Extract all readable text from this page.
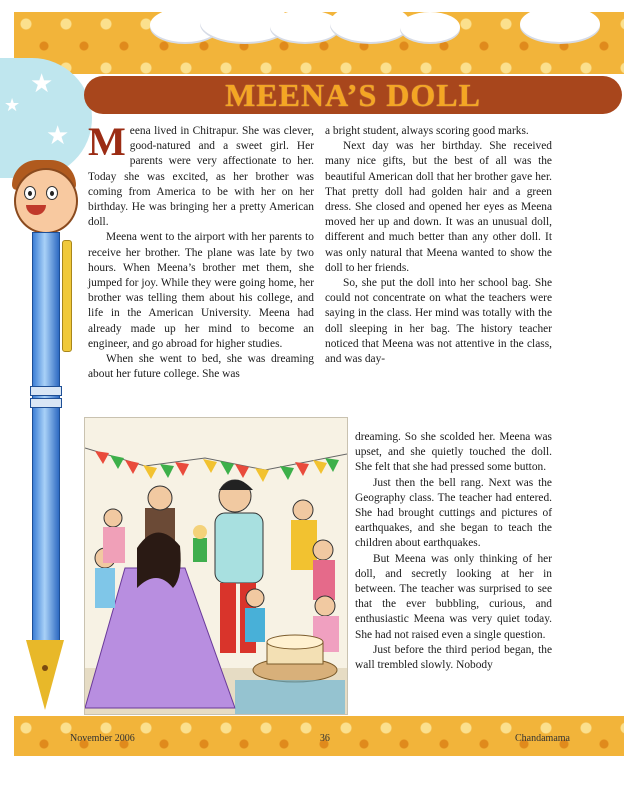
★
★
★	MEENA’S DOLL

Meena lived in Chitrapur. She was clever, good-natured and a sweet girl. Her parents were very affectionate to her. Today she was excited, as her brother was coming from America to be with her on her birthday. He was bringing her a pretty American doll.

Meena went to the airport with her parents to receive her brother. The plane was late by two hours. When Meena’s brother met them, she jumped for joy. While they were going home, her brother was telling them about his college, and life in the American University. Meena had already made up her mind to become an engineer, and go abroad for higher studies.

When she went to bed, she was dreaming about her future college. She was

a bright student, always scoring good marks.

Next day was her birthday. She received many nice gifts, but the best of all was the beautiful American doll that her brother gave her. That pretty doll had golden hair and a green dress. She closed and opened her eyes as Meena moved her up and down. It was an unusual doll, different and much better than any other doll. It was only natural that Meena wanted to show the doll to her friends.

So, she put the doll into her school bag. She could not concentrate on what the teachers were saying in the class. Her mind was totally with the doll sleeping in her bag. The history teacher noticed that Meena was not attentive in the class, and was day-

dreaming. So she scolded her. Meena was upset, and she quietly touched the doll. She felt that she had pressed some button.

Just then the bell rang. Next was the Geography class. The teacher had entered. She had brought cuttings and pictures of earthquakes, and she began to teach the children about earthquakes.

But Meena was only thinking of her doll, and secretly looking at her in between. The teacher was surprised to see that the ever bubbling, curious, and enthusiastic Meena was very quiet today. She had not raised even a single question.

Just before the third period began, the wall trembled slowly. Nobody

November 2006	36	Chandamama
